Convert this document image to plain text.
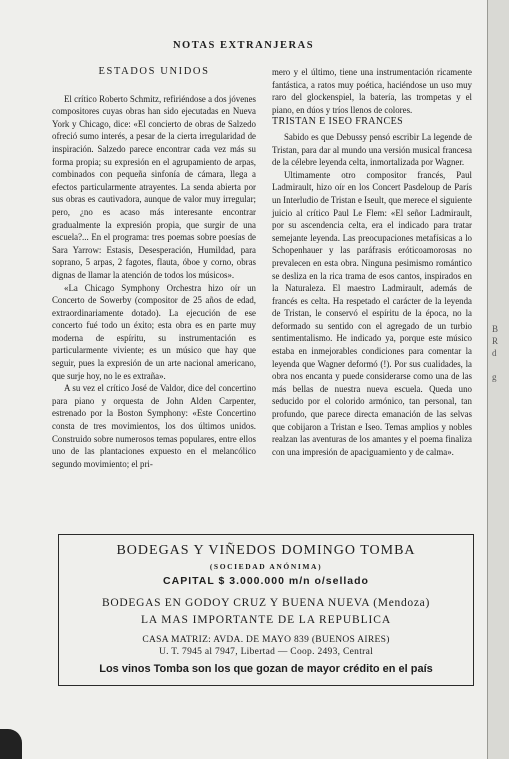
NOTAS EXTRANJERAS
ESTADOS UNIDOS

El crítico Roberto Schmitz, refiriéndose a dos jóvenes compositores cuyas obras han sido ejecutadas en Nueva York y Chicago, dice: «El concierto de obras de Salzedo ofreció sumo interés, a pesar de la cierta irregularidad de inspiración. Salzedo parece encontrar cada vez más su forma propia; su expresión en el agrupamiento de arpas, combinados con pequeña sinfonía de cámara, llega a efectos particularmente atrayentes. La senda abierta por sus obras es cautivadora, aunque de valor muy irregular; pero, ¿no es acaso más interesante encontrar gradualmente la expresión propia, que surgir de una escuela?... En el programa: tres poemas sobre poesías de Sara Yarrow: Estasis, Desesperación, Humildad, para soprano, 5 arpas, 2 fagotes, flauta, óboe y corno, obras dignas de llamar la atención de todos los músicos».

«La Chicago Symphony Orchestra hizo oír un Concerto de Sowerby (compositor de 25 años de edad, extraordinariamente dotado). La ejecución de ese concerto fué todo un éxito; esta obra es en parte muy moderna de espíritu, su instrumentación es particularmente viviente; es un músico que hay que seguir, pues la expresión de un arte nacional americano, que surje hoy, no le es extraña».

A su vez el crítico José de Valdor, dice del concertino para piano y orquesta de John Alden Carpenter, estrenado por la Boston Symphony: «Este Concertino consta de tres movimientos, los dos últimos unidos. Construido sobre numerosos temas populares, entre ellos uno de las plantaciones expuesto en el melancólico segundo movimiento; el pri-

mero y el último, tiene una instrumentación ricamente fantástica, a ratos muy poética, haciéndose un uso muy raro del glockenspiel, la batería, las trompetas y el piano, en dúos y tríos llenos de colores.

TRISTAN E ISEO FRANCES

Sabido es que Debussy pensó escribir La legende de Tristan, para dar al mundo una versión musical francesa de la célebre leyenda celta, inmortalizada por Wagner.

Ultimamente otro compositor francés, Paul Ladmirault, hizo oír en los Concert Pasdeloup de París un Interludio de Tristan e Iseult, que merece el siguiente juicio al crítico Paul Le Flem: «El señor Ladmirault, por su ascendencia celta, era el indicado para tratar semejante leyenda. Las preocupaciones metafísicas a lo Schopenhauer y las paráfrasis eróticoamorosas no prevalecen en esta obra. Ninguna pesimismo romántico se desliza en la rica trama de esos cantos, inspirados en la Naturaleza. El maestro Ladmirault, además de francés es celta. Ha respetado el carácter de la leyenda de Tristan, le conservó el espíritu de la época, no la deformado su sentido con el agregado de un turbio sentimentalismo. He indicado ya, porque este músico estaba en inmejorables condiciones para comentar la leyenda que Wagner deformó (!). Por sus cualidades, la obra nos encanta y puede considerarse como una de las más bellas de nuestra nueva escuela. Queda uno seducido por el colorido armónico, tan personal, tan profundo, que parece directa emanación de las selvas que cobijaron a Tristan e Iseo. Temas amplios y nobles realzan las aventuras de los amantes y el poema finaliza con una impresión de apaciguamiento y de calma».

BODEGAS Y VIÑEDOS DOMINGO TOMBA
(SOCIEDAD ANÓNIMA)
CAPITAL $ 3.000.000 m/n o/sellado
BODEGAS EN GODOY CRUZ Y BUENA NUEVA (Mendoza)
LA MAS IMPORTANTE DE LA REPUBLICA
CASA MATRIZ: AVDA. DE MAYO 839 (BUENOS AIRES)
U. T. 7945 al 7947, Libertad — Coop. 2493, Central
Los vinos Tomba son los que gozan de mayor crédito en el país
B
R
d
g
